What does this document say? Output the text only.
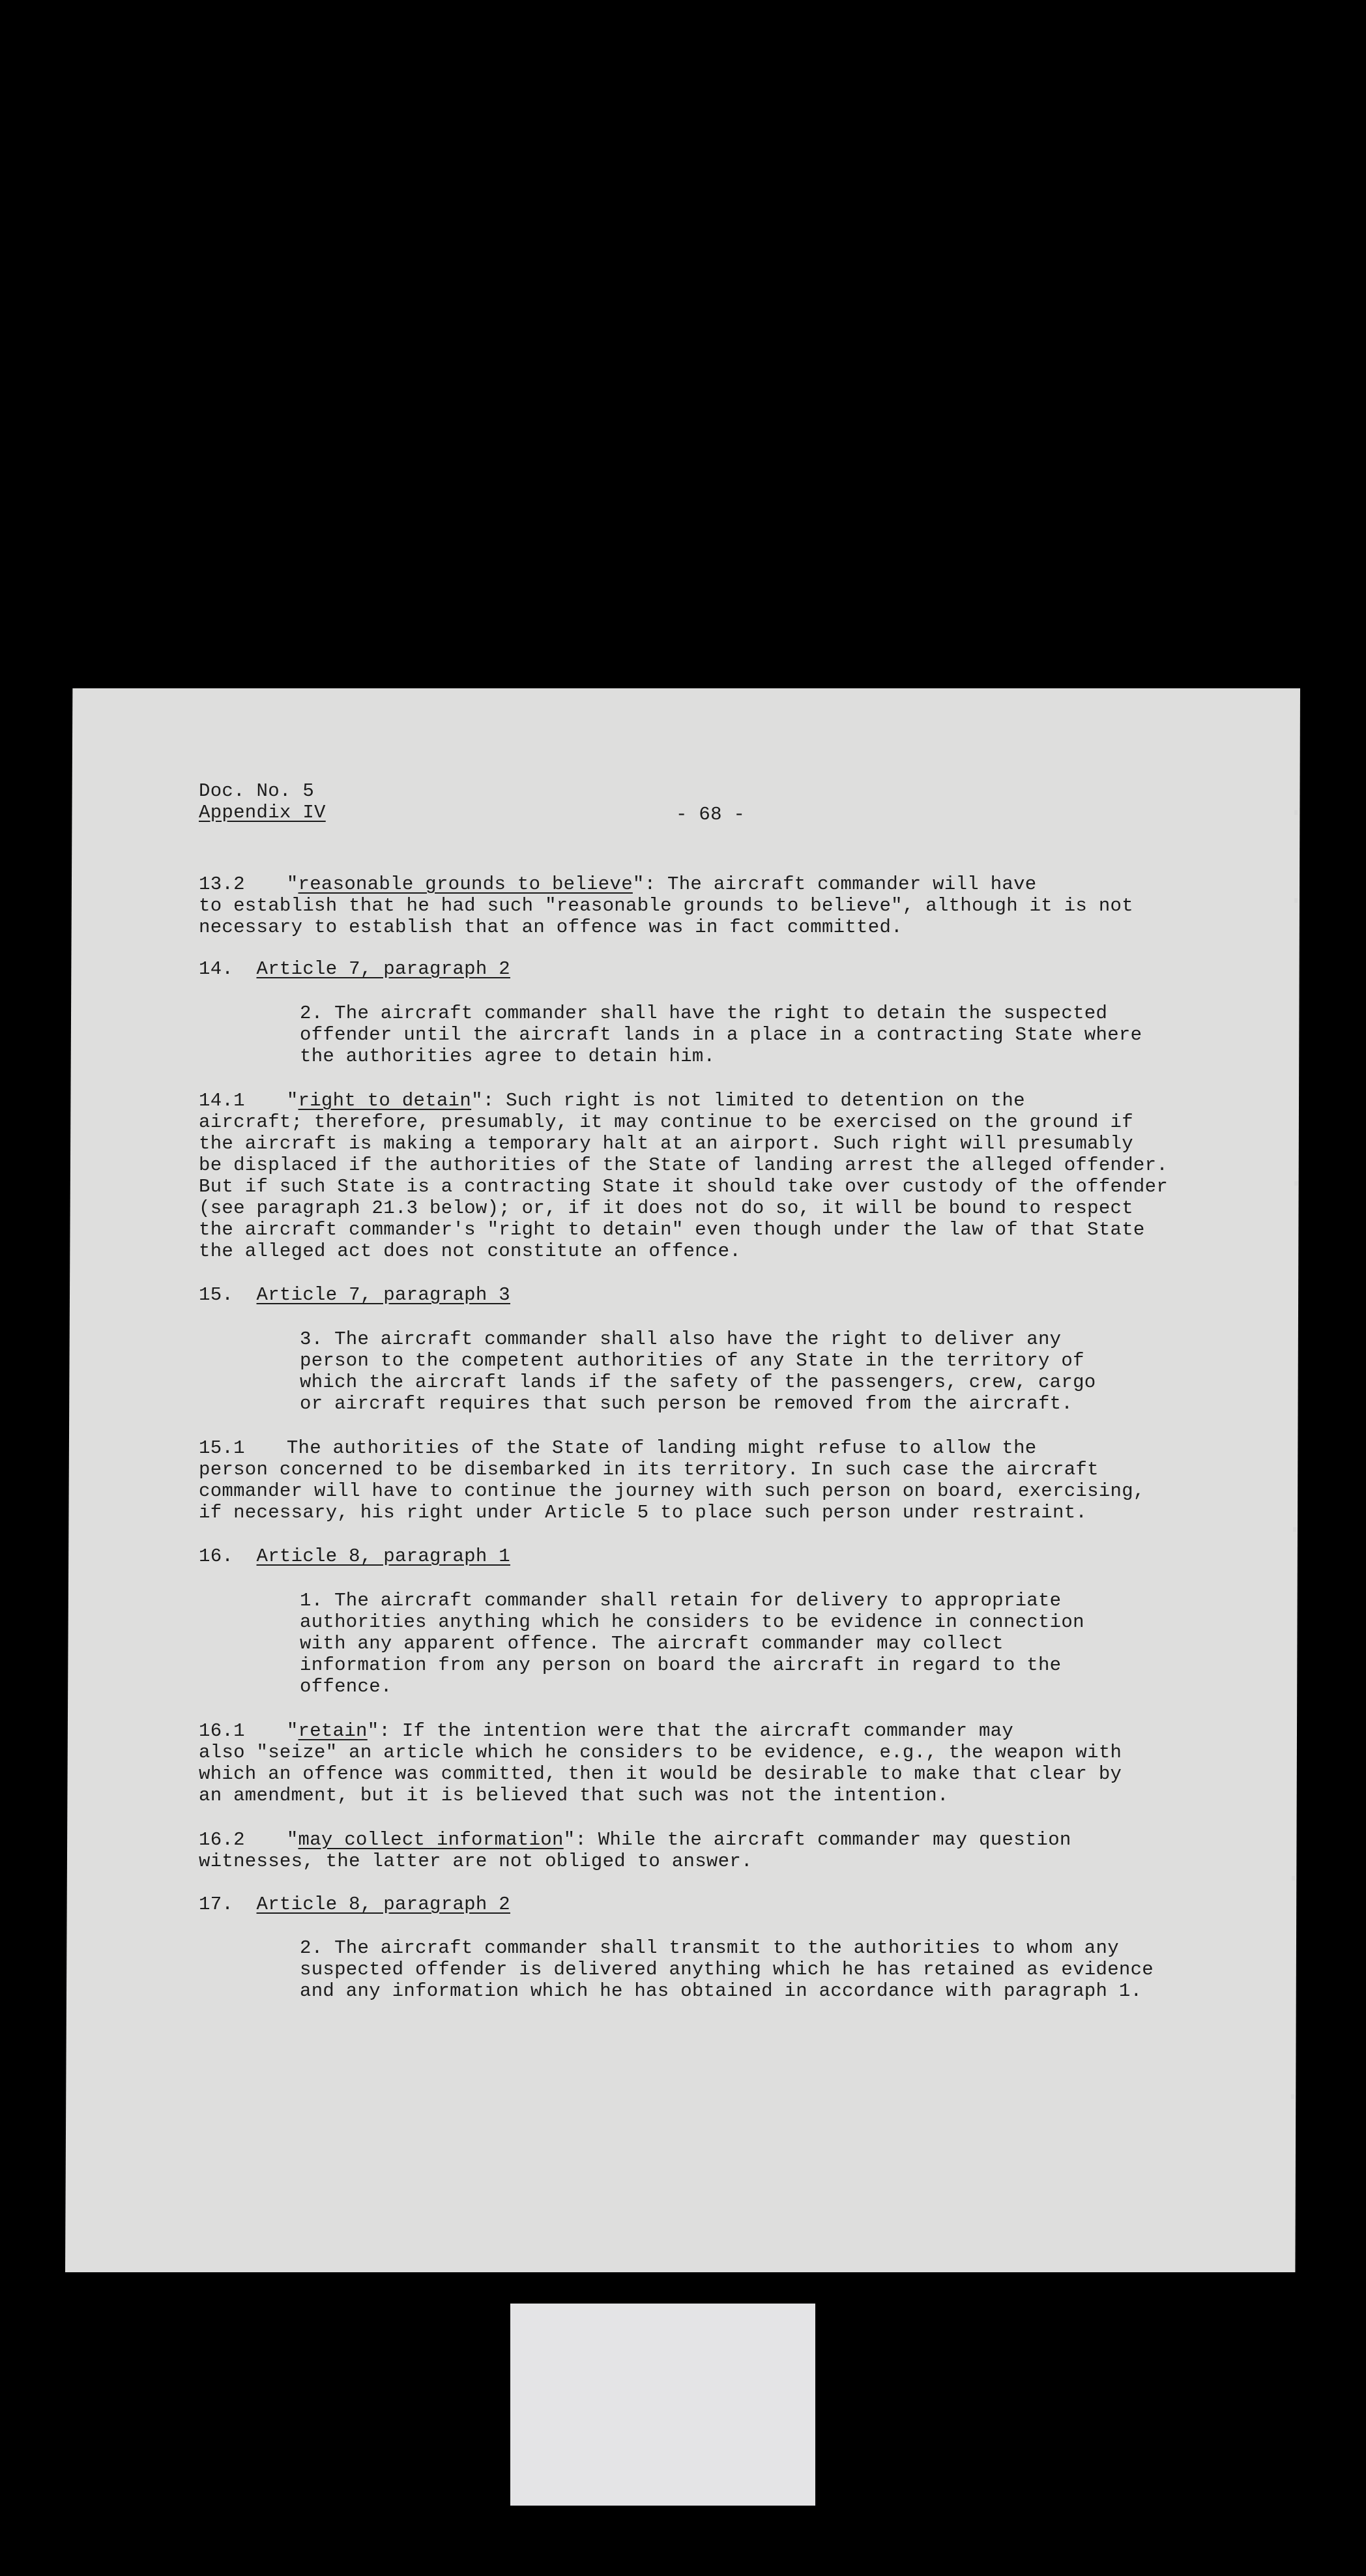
Doc. No. 5
Appendix IV	- 68 -
13.2 "reasonable grounds to believe": The aircraft commander will have
to establish that he had such "reasonable grounds to believe", although it is not
necessary to establish that an offence was in fact committed.
14. Article 7, paragraph 2
2. The aircraft commander shall have the right to detain the suspected
offender until the aircraft lands in a place in a contracting State where
the authorities agree to detain him.
14.1 "right to detain": Such right is not limited to detention on the
aircraft; therefore, presumably, it may continue to be exercised on the ground if
the aircraft is making a temporary halt at an airport. Such right will presumably
be displaced if the authorities of the State of landing arrest the alleged offender.
But if such State is a contracting State it should take over custody of the offender
(see paragraph 21.3 below); or, if it does not do so, it will be bound to respect
the aircraft commander's "right to detain" even though under the law of that State
the alleged act does not constitute an offence.
15. Article 7, paragraph 3
3. The aircraft commander shall also have the right to deliver any
person to the competent authorities of any State in the territory of
which the aircraft lands if the safety of the passengers, crew, cargo
or aircraft requires that such person be removed from the aircraft.
15.1 The authorities of the State of landing might refuse to allow the
person concerned to be disembarked in its territory. In such case the aircraft
commander will have to continue the journey with such person on board, exercising,
if necessary, his right under Article 5 to place such person under restraint.
16. Article 8, paragraph 1
1. The aircraft commander shall retain for delivery to appropriate
authorities anything which he considers to be evidence in connection
with any apparent offence. The aircraft commander may collect
information from any person on board the aircraft in regard to the
offence.
16.1 "retain": If the intention were that the aircraft commander may
also "seize" an article which he considers to be evidence, e.g., the weapon with
which an offence was committed, then it would be desirable to make that clear by
an amendment, but it is believed that such was not the intention.
16.2 "may collect information": While the aircraft commander may question
witnesses, the latter are not obliged to answer.
17. Article 8, paragraph 2
2. The aircraft commander shall transmit to the authorities to whom any
suspected offender is delivered anything which he has retained as evidence
and any information which he has obtained in accordance with paragraph 1.
